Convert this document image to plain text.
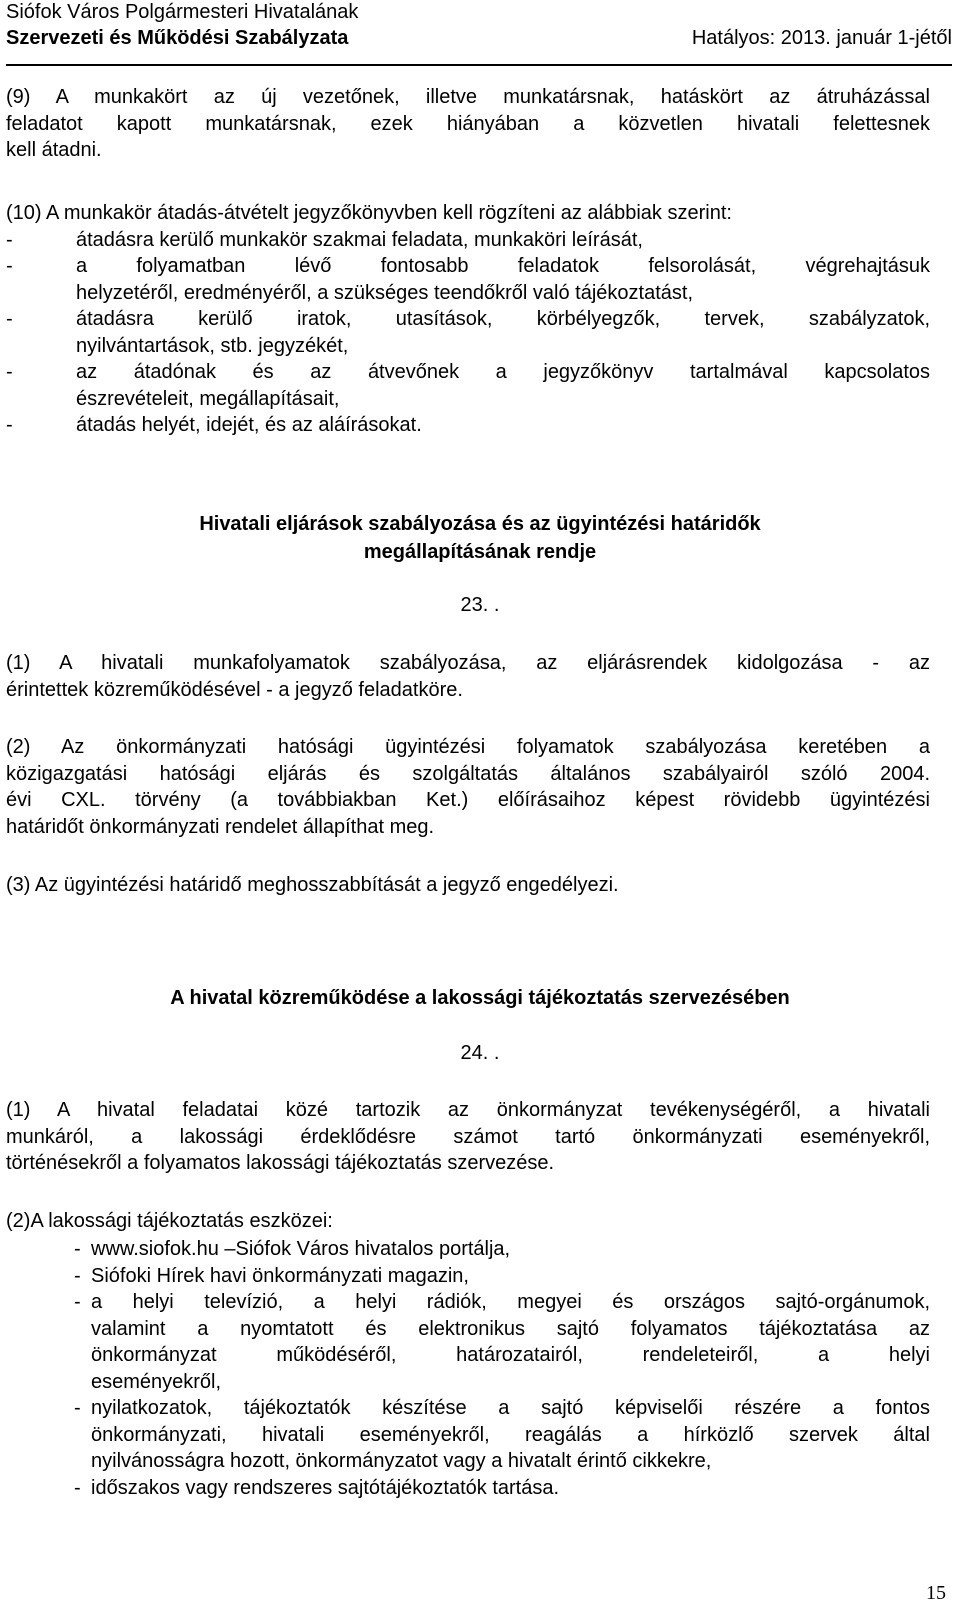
Siófok Város Polgármesteri Hivatalának
Szervezeti és Működési Szabályzata	Hatályos: 2013. január 1-jétől
(9) A munkakört az új vezetőnek, illetve munkatársnak, hatáskört az átruházással
feladatot kapott munkatársnak, ezek hiányában a közvetlen hivatali felettesnek
kell átadni.
(10) A munkakör átadás-átvételt jegyzőkönyvben kell rögzíteni az alábbiak szerint:
-	átadásra kerülő munkakör szakmai feladata, munkaköri leírását,
-	a folyamatban lévő fontosabb feladatok felsorolását, végrehajtásuk
helyzetéről, eredményéről, a szükséges teendőkről való tájékoztatást,
-	átadásra kerülő iratok, utasítások, körbélyegzők, tervek, szabályzatok,
nyilvántartások, stb. jegyzékét,
-	az átadónak és az átvevőnek a jegyzőkönyv tartalmával kapcsolatos
észrevételeit, megállapításait,
-	átadás helyét, idejét, és az aláírásokat.
Hivatali eljárások szabályozása és az ügyintézési határidők
megállapításának rendje
23. .
(1) A hivatali munkafolyamatok szabályozása, az eljárásrendek kidolgozása - az
érintettek közreműködésével - a jegyző feladatköre.
(2) Az önkormányzati hatósági ügyintézési folyamatok szabályozása keretében a
közigazgatási hatósági eljárás és szolgáltatás általános szabályairól szóló 2004.
évi CXL. törvény (a továbbiakban Ket.) előírásaihoz képest rövidebb ügyintézési
határidőt önkormányzati rendelet állapíthat meg.
(3) Az ügyintézési határidő meghosszabbítását a jegyző engedélyezi.
A hivatal közreműködése a lakossági tájékoztatás szervezésében
24. .
(1) A hivatal feladatai közé tartozik az önkormányzat tevékenységéről, a hivatali
munkáról, a lakossági érdeklődésre számot tartó önkormányzati eseményekről,
történésekről a folyamatos lakossági tájékoztatás szervezése.
(2)A lakossági tájékoztatás eszközei:
- www.siofok.hu –Siófok Város hivatalos portálja,
- Siófoki Hírek havi önkormányzati magazin,
- a helyi televízió, a helyi rádiók, megyei és országos sajtó-orgánumok,
valamint a nyomtatott és elektronikus sajtó folyamatos tájékoztatása az
önkormányzat működéséről, határozatairól, rendeleteiről, a helyi
eseményekről,
- nyilatkozatok, tájékoztatók készítése a sajtó képviselői részére a fontos
önkormányzati, hivatali eseményekről, reagálás a hírközlő szervek által
nyilvánosságra hozott, önkormányzatot vagy a hivatalt érintő cikkekre,
- időszakos vagy rendszeres sajtótájékoztatók tartása.
15
